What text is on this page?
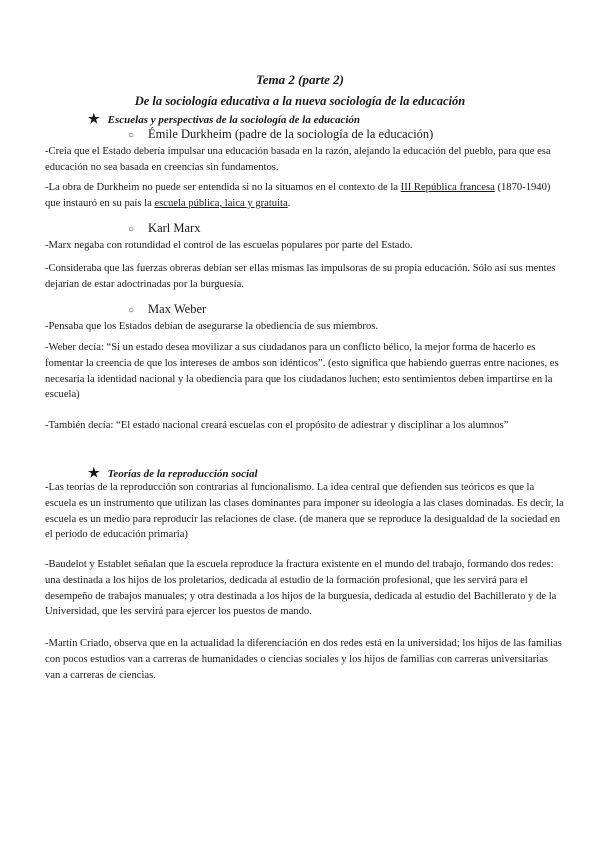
Tema 2 (parte 2)
De la sociología educativa a la nueva sociología de la educación
★ Escuelas y perspectivas de la sociología de la educación
○ Émile Durkheim (padre de la sociología de la educación)
-Creía que el Estado debería impulsar una educación basada en la razón, alejando la educación del pueblo, para que esa educación no sea basada en creencias sin fundamentos.
-La obra de Durkheim no puede ser entendida si no la situamos en el contexto de la III República francesa (1870-1940) que instauró en su país la escuela pública, laica y gratuita.
○ Karl Marx
-Marx negaba con rotundidad el control de las escuelas populares por parte del Estado.
-Consideraba que las fuerzas obreras debían ser ellas mismas las impulsoras de su propia educación. Sólo así sus mentes dejarían de estar adoctrinadas por la burguesía.
○ Max Weber
-Pensaba que los Estados debían de asegurarse la obediencia de sus miembros.
-Weber decía: “Si un estado desea movilizar a sus ciudadanos para un conflicto bélico, la mejor forma de hacerlo es fomentar la creencia de que los intereses de ambos son idénticos”. (esto significa que habiendo guerras entre naciones, es necesaria la identidad nacional y la obediencia para que los ciudadanos luchen; esto sentimientos deben impartirse en la escuela)
-También decía: “El estado nacional creará escuelas con el propósito de adiestrar y disciplinar a los alumnos”
★ Teorías de la reproducción social
-Las teorías de la reproducción son contrarias al funcionalismo. La idea central que defienden sus teóricos es que la escuela es un instrumento que utilizan las clases dominantes para imponer su ideología a las clases dominadas. Es decir, la escuela es un medio para reproducir las relaciones de clase. (de manera que se reproduce la desigualdad de la sociedad en el período de educación primaria)
-Baudelot y Establet señalan que la escuela reproduce la fractura existente en el mundo del trabajo, formando dos redes: una destinada a los hijos de los proletarios, dedicada al estudio de la formación profesional, que les servirá para el desempeño de trabajos manuales; y otra destinada a los hijos de la burguesía, dedicada al estudio del Bachillerato y de la Universidad, que les servirá para ejercer los puestos de mando.
-Martín Criado, observa que en la actualidad la diferenciación en dos redes está en la universidad; los hijos de las familias con pocos estudios van a carreras de humanidades o ciencias sociales y los hijos de familias con carreras universitarias van a carreras de ciencias.
